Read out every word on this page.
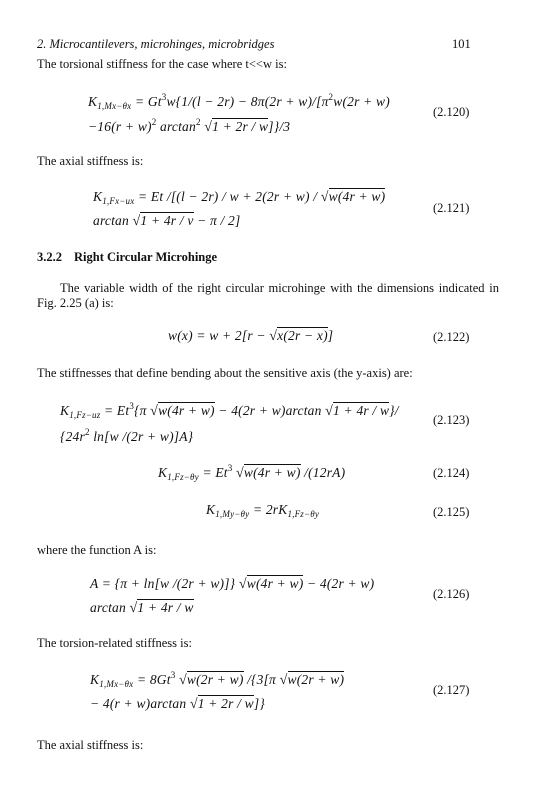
2. Microcantilevers, microhinges, microbridges	101
The torsional stiffness for the case where t<<w is:
$K_{1,Mx-\theta x} = Gt^3w\{1/(l - 2r) - 8\pi(2r + w)/[\pi^2w(2r + w)$
$-16(r + w)^2$ $\arctan^2 √1 + 2r / w]\}/3$
(2.120)
The axial stiffness is:
$K_{1,Fx-ux} = Et$ /[(l − 2r) / w + 2(2r + w) / √w(4r + w)
arctan √1 + 4r / v − π / 2]
(2.121)
3.2.2 Right Circular Microhinge
The variable width of the right circular microhinge with the dimensions indicated in Fig. 2.25 (a) is:
w(x) = w + 2[r − √x(2r − x)]	(2.122)
The stiffnesses that define bending about the sensitive axis (the y-axis) are:
$K_{1,Fz-uz} = Et^3\{\pi$ √w(4r + w) − 4(2r + w)arctan √1 + 4r / w}/
{$24r^2$ ln[w /(2r + w)]A}
(2.123)
$K_{1,Fz-\theta y} = Et^3$ √w(4r + w) /(12rA)	(2.124)
$K_{1,My-\theta y} = 2rK_{1,Fz-\theta y}$	(2.125)
where the function A is:
A = {π + ln[w /(2r + w)]} √w(4r + w) − 4(2r + w)
arctan √1 + 4r / w
(2.126)
The torsion-related stiffness is:
$K_{1,Mx-\theta x} = 8Gt^3$ √w(2r + w) /{3[π √w(2r + w)
− 4(r + w)arctan √1 + 2r / w]}
(2.127)
The axial stiffness is:
